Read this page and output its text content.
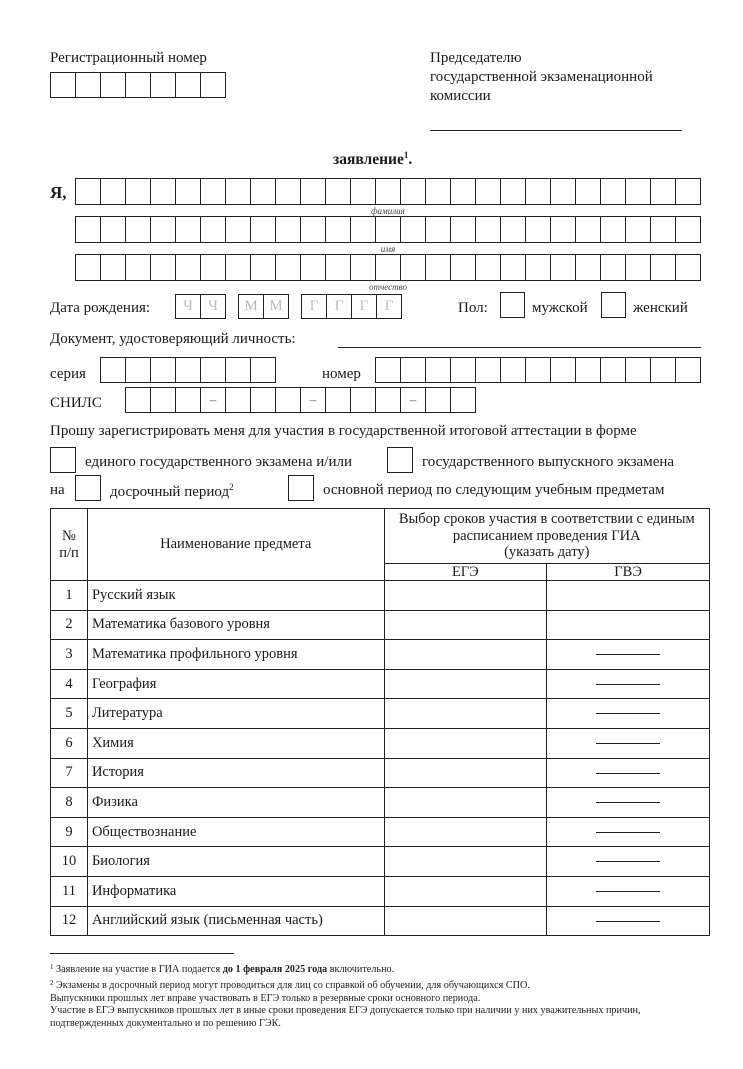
Регистрационный номер	Председателю
государственной экзаменационной
комиссии
заявление$^1$.
Я,
фамилия
имя
отчество
Дата рождения:	Ч	Ч	М М	Г	Г	Г	Г	Пол:	мужской	женский
Документ, удостоверяющий личность:
серия	номер
СНИЛС
–
–
–
Прошу зарегистрировать меня для участия в государственной итоговой аттестации в форме
единого государственного экзамена и/или	государственного выпускного экзамена
на	досрочный период$^2$	основной период по следующим учебным предметам
№
п/п	Наименование предмета	Выбор сроков участия в соответствии с единым
расписанием проведения ГИА
(указать дату)	
		ЕГЭ	ГВЭ
1	Русский язык		
2	Математика базового уровня		
3	Математика профильного уровня		
4	География		
5	Литература		
6	Химия		
7	История		
8	Физика		
9	Обществознание		
10	Биология		
11	Информатика		
12	Английский язык (письменная часть)		
$^1$ Заявление на участие в ГИА подается до 1 февраля 2025 года включительно.
$^2$ Экзамены в досрочный период могут проводиться для лиц со справкой об обучении, для обучающихся СПО.
Выпускники прошлых лет вправе участвовать в ЕГЭ только в резервные сроки основного периода.
Участие в ЕГЭ выпускников прошлых лет в иные сроки проведения ЕГЭ допускается только при наличии у них уважительных причин, подтвержденных документально и по решению ГЭК.
